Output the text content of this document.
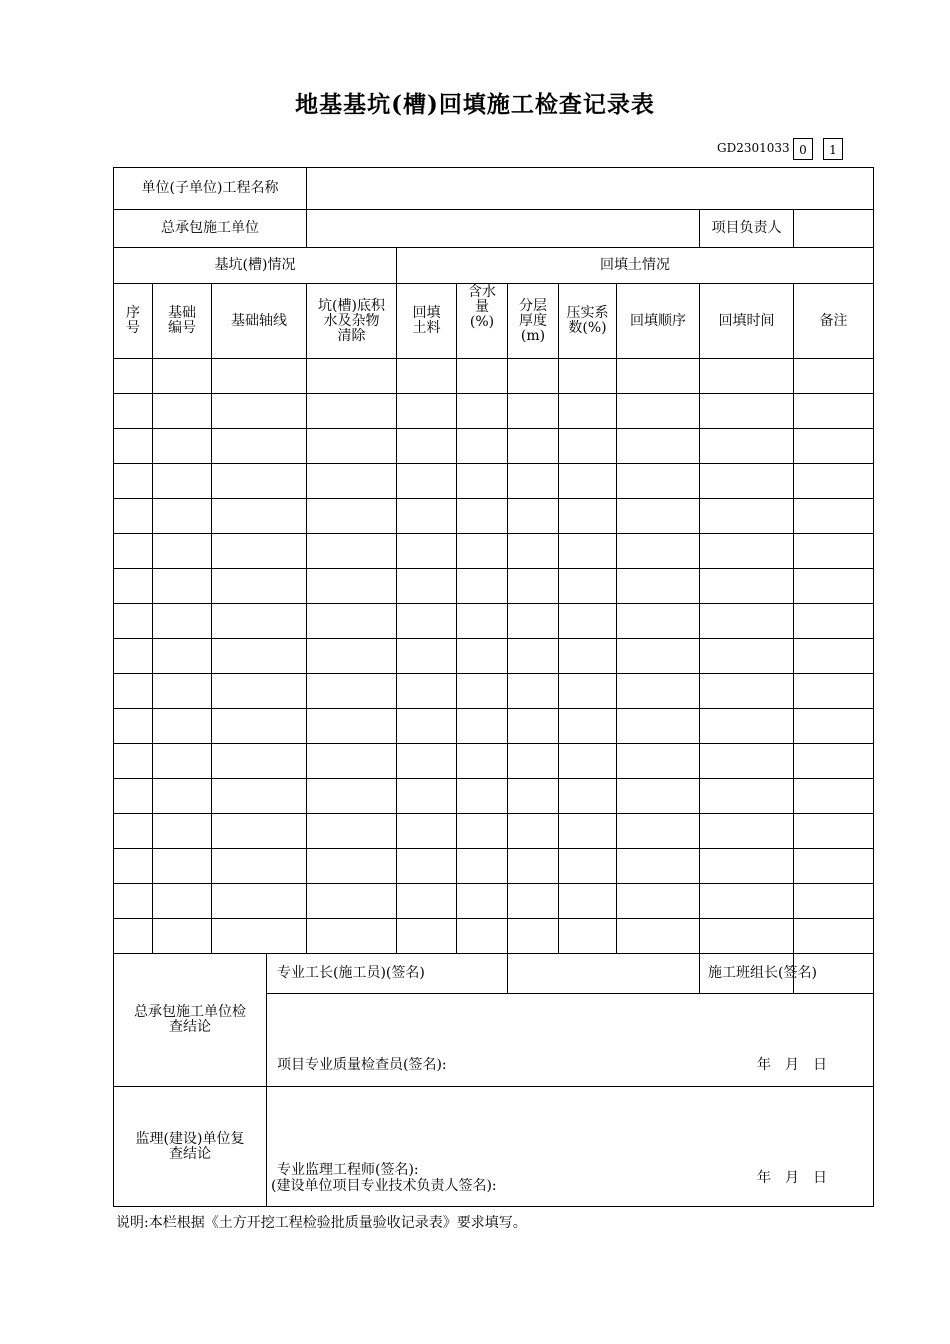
地基基坑(槽)回填施工检查记录表
GD2301033 0	1
单位(子单位)工程名称											
总承包施工单位										项目负责人	
基坑(槽)情况					回填土情况						
序号	基础编号	基础轴线		坑(槽)底积水及杂物清除	回填土料	含水量(%)	分层厚度(m)	压实系数(%)	回填顺序	回填时间	备注

总承包施工单位检查结论			专业工长(施工员)(签名)							施工班组长(签名)	

			项目专业质量检查员(签名): 年　月　日								

监理(建设)单位复查结论			专业监理工程师(签名):
(建设单位项目专业技术负责人签名): 年　月　日								
说明:本栏根据《土方开挖工程检验批质量验收记录表》要求填写。
